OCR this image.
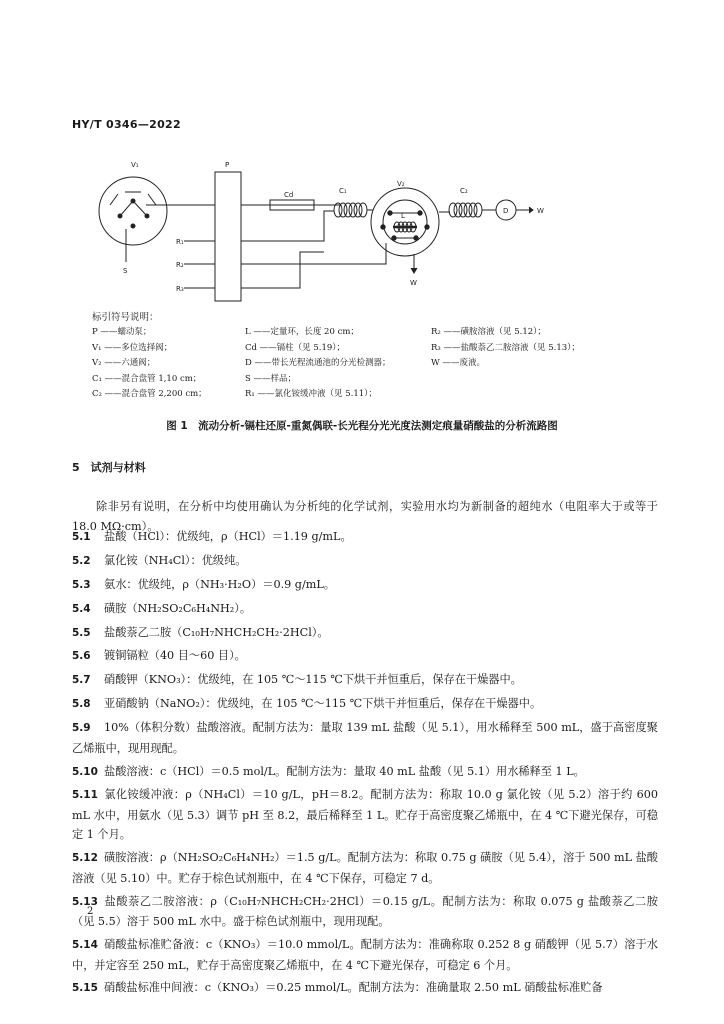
HY/T 0346—2022
V₁	P
S
R₁
R₂
R₃
Cd	C₁
V₂
L
C₂
D	W
W
标引符号说明：
P ——蠕动泵；
V₁ ——多位选择阀；
V₂ ——六通阀；
C₁ ——混合盘管 1,10 cm；
C₂ ——混合盘管 2,200 cm；
L ——定量环，长度 20 cm；
Cd ——镉柱（见 5.19）；
D ——带长光程流通池的分光检测器；
S ——样品；
R₁ ——氯化铵缓冲液（见 5.11）；
R₂ ——磺胺溶液（见 5.12）；
R₃ ——盐酸萘乙二胺溶液（见 5.13）；
W ——废液。
图 1　流动分析-镉柱还原-重氮偶联-长光程分光光度法测定痕量硝酸盐的分析流路图
5　试剂与材料
除非另有说明，在分析中均使用确认为分析纯的化学试剂，实验用水均为新制备的超纯水（电阻率大于或等于 18.0 MΩ·cm）。
5.1 盐酸（HCl）：优级纯，ρ（HCl）＝1.19 g/mL。
5.2 氯化铵（NH₄Cl）：优级纯。
5.3 氨水：优级纯，ρ（NH₃·H₂O）＝0.9 g/mL。
5.4 磺胺（NH₂SO₂C₆H₄NH₂）。
5.5 盐酸萘乙二胺（C₁₀H₇NHCH₂CH₂·2HCl）。
5.6 镀铜镉粒（40 目～60 目）。
5.7 硝酸钾（KNO₃）：优级纯，在 105 ℃～115 ℃下烘干并恒重后，保存在干燥器中。
5.8 亚硝酸钠（NaNO₂）：优级纯，在 105 ℃～115 ℃下烘干并恒重后，保存在干燥器中。
5.9 10%（体积分数）盐酸溶液。配制方法为：量取 139 mL 盐酸（见 5.1），用水稀释至 500 mL，盛于高密度聚乙烯瓶中，现用现配。
5.10 盐酸溶液：c（HCl）＝0.5 mol/L。配制方法为：量取 40 mL 盐酸（见 5.1）用水稀释至 1 L。
5.11 氯化铵缓冲液：ρ（NH₄Cl）＝10 g/L，pH＝8.2。配制方法为：称取 10.0 g 氯化铵（见 5.2）溶于约 600 mL 水中，用氨水（见 5.3）调节 pH 至 8.2，最后稀释至 1 L。贮存于高密度聚乙烯瓶中，在 4 ℃下避光保存，可稳定 1 个月。
5.12 磺胺溶液：ρ（NH₂SO₂C₆H₄NH₂）＝1.5 g/L。配制方法为：称取 0.75 g 磺胺（见 5.4），溶于 500 mL 盐酸溶液（见 5.10）中。贮存于棕色试剂瓶中，在 4 ℃下保存，可稳定 7 d。
5.13 盐酸萘乙二胺溶液：ρ（C₁₀H₇NHCH₂CH₂·2HCl）＝0.15 g/L。配制方法为：称取 0.075 g 盐酸萘乙二胺（见 5.5）溶于 500 mL 水中。盛于棕色试剂瓶中，现用现配。
5.14 硝酸盐标准贮备液：c（KNO₃）＝10.0 mmol/L。配制方法为：准确称取 0.252 8 g 硝酸钾（见 5.7）溶于水中，并定容至 250 mL，贮存于高密度聚乙烯瓶中，在 4 ℃下避光保存，可稳定 6 个月。
5.15 硝酸盐标准中间液：c（KNO₃）＝0.25 mmol/L。配制方法为：准确量取 2.50 mL 硝酸盐标准贮备
2
